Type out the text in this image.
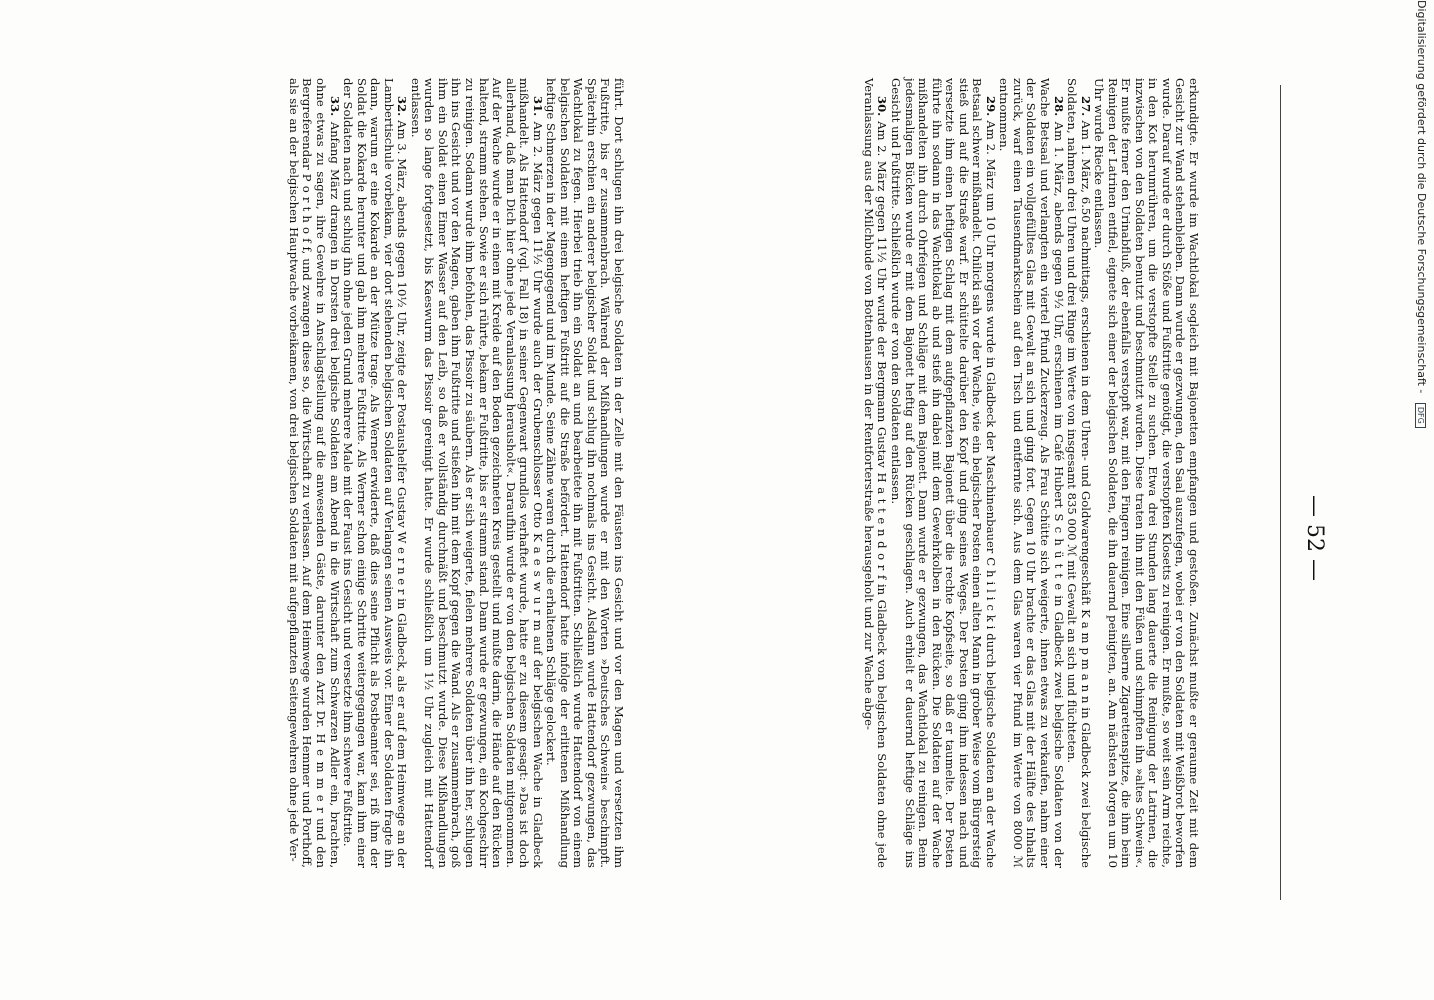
— 52 —

erkundigte. Er wurde im Wachtlokal sogleich mit Bajonetten empfangen und gestoßen. Zunächst mußte er geraume Zeit mit dem Gesicht zur Wand stehenbleiben. Dann wurde er gezwungen, den Saal auszufegen, wobei er von den Soldaten mit Weißbrot beworfen wurde. Darauf wurde er durch Stöße und Fußtritte genötigt, die verstopften Klosetts zu reinigen. Er mußte, so weit sein Arm reichte, in den Kot herumrühren, um die verstopfte Stelle zu suchen. Etwa drei Stunden lang dauerte die Reinigung der Latrinen, die inzwischen von den Soldaten benutzt und beschmutzt wurden. Diese traten ihn mit den Füßen und schimpften ihn »altes Schwein«. Er mußte ferner den Urinabfluß, der ebenfalls verstopft war, mit den Fingern reinigen. Eine silberne Zigarettenspitze, die ihm beim Reinigen der Latrinen entfiel, eignete sich einer der belgischen Soldaten, die ihn dauernd peinigten, an. Am nächsten Morgen um 10 Uhr wurde Riecke entlassen.

27. Am 1. März, 6.50 nachmittags, erschienen in dem Uhren- und Goldwarengeschäft K a m p m a n n in Gladbeck zwei belgische Soldaten, nahmen drei Uhren und drei Ringe im Werte von insgesamt 835 000 ℳ mit Gewalt an sich und flüchteten.

28. Am 1. März, abends gegen 9½ Uhr, erschienen im Café Hubert S c h ü t t e in Gladbeck zwei belgische Soldaten von der Wache Betsaal und verlangten ein viertel Pfund Zuckerzeug. Als Frau Schütte sich weigerte, ihnen etwas zu verkaufen, nahm einer der Soldaten ein vollgefülltes Glas mit Gewalt an sich und ging fort. Gegen 10 Uhr brachte er das Glas mit der Hälfte des Inhalts zurück, warf einen Tausendmarkschein auf den Tisch und entfernte sich. Aus dem Glas waren vier Pfund im Werte von 8000 ℳ entnommen.

29. Am 2. März um 10 Uhr morgens wurde in Gladbeck der Maschinenbauer C h i l i c k i durch belgische Soldaten an der Wache Betsaal schwer mißhandelt. Chilicki sah vor der Wache, wie ein belgischer Posten einen alten Mann in grober Weise vom Bürgersteig stieß und auf die Straße warf. Er schüttelte darüber den Kopf und ging seines Weges. Der Posten ging ihm indessen nach und versetzte ihm einen heftigen Schlag mit dem aufgepflanzten Bajonett über die rechte Kopfseite, so daß er taumelte. Der Posten führte ihn sodann in das Wachtlokal ab und stieß ihn dabei mit dem Gewehrkolben in den Rücken. Die Soldaten auf der Wache mißhandelten ihn durch Ohrfeigen und Schläge mit dem Bajonett. Dann wurde er gezwungen, das Wachtlokal zu reinigen. Beim jedesmaligen Bücken wurde er mit dem Bajonett heftig auf den Rücken geschlagen. Auch erhielt er dauernd heftige Schläge ins Gesicht und Fußtritte. Schließlich wurde er von den Soldaten entlassen.

30. Am 2. März gegen 11½ Uhr wurde der Bergmann Gustav H a t t e n d o r f in Gladbeck von belgischen Soldaten ohne jede Veranlassung aus der Milchbude von Bottenhausen in der Rentforterstraße herausgeholt und zur Wache abge-

führt. Dort schlugen ihn drei belgische Soldaten in der Zelle mit den Fäusten ins Gesicht und vor den Magen und versetzten ihm Fußtritte, bis er zusammenbrach. Während der Mißhandlungen wurde er mit den Worten »Deutsches Schwein« beschimpft. Späterhin erschien ein anderer belgischer Soldat und schlug ihn nochmals ins Gesicht. Alsdann wurde Hattendorf gezwungen, das Wachtlokal zu fegen. Hierbei trieb ihn ein Soldat an und bearbeitete ihn mit Fußtritten. Schließlich wurde Hattendorf von einem belgischen Soldaten mit einem heftigen Fußtritt auf die Straße befördert. Hattendorf hatte infolge der erlittenen Mißhandlung heftige Schmerzen in der Magengegend und im Munde. Seine Zähne waren durch die erhaltenen Schläge gelockert.

31. Am 2. März gegen 11½ Uhr wurde auch der Grubenschlosser Otto K a e s w u r m auf der belgischen Wache in Gladbeck mißhandelt. Als Hattendorf (vgl. Fall 18) in seiner Gegenwart grundlos verhaftet wurde, hatte er zu diesem gesagt: »Das ist doch allerhand, daß man Dich hier ohne jede Veranlassung herausholt«. Daraufhin wurde er von den belgischen Soldaten mitgenommen. Auf der Wache wurde er in einen mit Kreide auf den Boden gezeichneten Kreis gestellt und mußte darin, die Hände auf den Rücken haltend, stramm stehen. Sowie er sich rührte, bekam er Fußtritte, bis er stramm stand. Dann wurde er gezwungen, ein Kochgeschirr zu reinigen. Sodann wurde ihm befohlen, das Pissoir zu säubern. Als er sich weigerte, fielen mehrere Soldaten über ihn her, schlugen ihn ins Gesicht und vor den Magen, gaben ihm Fußtritte und stießen ihn mit dem Kopf gegen die Wand. Als er zusammenbrach, goß ihm ein Soldat einen Eimer Wasser auf den Leib, so daß er vollständig durchnäßt und beschmutzt wurde. Diese Mißhandlungen wurden so lange fortgesetzt, bis Kaeswurm das Pissoir gereinigt hatte. Er wurde schließlich um 1½ Uhr zugleich mit Hattendorf entlassen.

32. Am 3. März, abends gegen 10½ Uhr, zeigte der Postaushelfer Gustav W e r n e r in Gladbeck, als er auf dem Heimwege an der Lambertischule vorbeikam, vier dort stehenden belgischen Soldaten auf Verlangen seinen Ausweis vor. Einer der Soldaten fragte ihn dann, warum er eine Kokarde an der Mütze trage. Als Werner erwiderte, daß dies seine Pflicht als Postbeamter sei, riß ihm der Soldat die Kokarde herunter und gab ihm mehrere Fußtritte. Als Werner schon einige Schritte weitergegangen war, kam ihm einer der Soldaten nach und schlug ihn ohne jeden Grund mehrere Male mit der Faust ins Gesicht und versetzte ihm schwere Fußtritte.

33. Anfang März drangen in Dorsten drei belgische Soldaten am Abend in die Wirtschaft zum Schwarzen Adler ein, brachten, ohne etwas zu sagen, ihre Gewehre in Anschlagstellung auf die anwesenden Gäste, darunter den Arzt Dr. H e m m e r und den Bergreferendar P o r t h o f f, und zwangen diese so, die Wirtschaft zu verlassen. Auf dem Heimwege wurden Hemmer und Porthoff, als sie an der belgischen Hauptwache vorbeikamen, von drei belgischen Soldaten mit aufgepflanzten Seitengewehren ohne jede Ver-	Digitalisierung gefördert durch die Deutsche Forschungsgemeinschaft - DFG
